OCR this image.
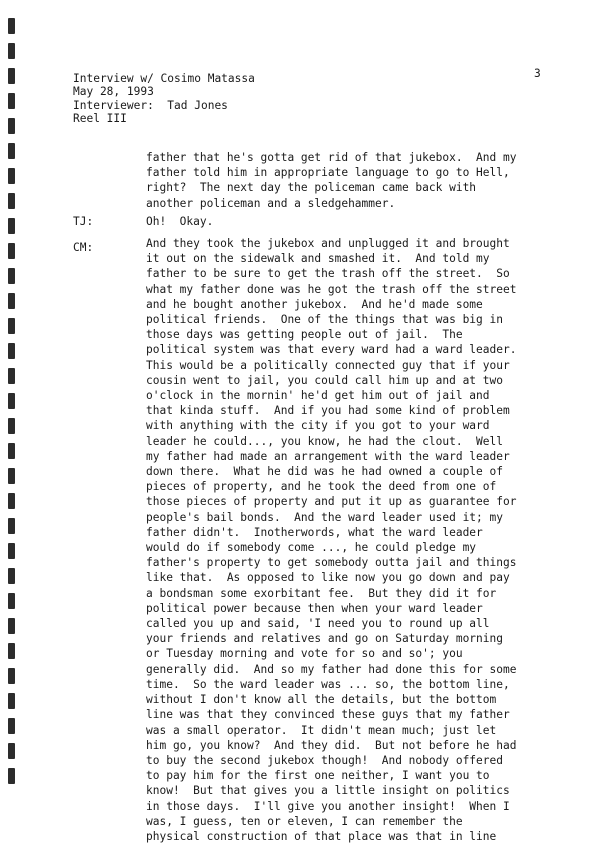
Interview w/ Cosimo Matassa
May 28, 1993
Interviewer:  Tad Jones
Reel III
3
father that he's gotta get rid of that jukebox.  And my
father told him in appropriate language to go to Hell,
right?  The next day the policeman came back with
another policeman and a sledgehammer.
TJ:	Oh!  Okay.
CM:	And they took the jukebox and unplugged it and brought
it out on the sidewalk and smashed it.  And told my
father to be sure to get the trash off the street.  So
what my father done was he got the trash off the street
and he bought another jukebox.  And he'd made some
political friends.  One of the things that was big in
those days was getting people out of jail.  The
political system was that every ward had a ward leader.
This would be a politically connected guy that if your
cousin went to jail, you could call him up and at two
o'clock in the mornin' he'd get him out of jail and
that kinda stuff.  And if you had some kind of problem
with anything with the city if you got to your ward
leader he could..., you know, he had the clout.  Well
my father had made an arrangement with the ward leader
down there.  What he did was he had owned a couple of
pieces of property, and he took the deed from one of
those pieces of property and put it up as guarantee for
people's bail bonds.  And the ward leader used it; my
father didn't.  Inotherwords, what the ward leader
would do if somebody come ..., he could pledge my
father's property to get somebody outta jail and things
like that.  As opposed to like now you go down and pay
a bondsman some exorbitant fee.  But they did it for
political power because then when your ward leader
called you up and said, 'I need you to round up all
your friends and relatives and go on Saturday morning
or Tuesday morning and vote for so and so'; you
generally did.  And so my father had done this for some
time.  So the ward leader was ... so, the bottom line,
without I don't know all the details, but the bottom
line was that they convinced these guys that my father
was a small operator.  It didn't mean much; just let
him go, you know?  And they did.  But not before he had
to buy the second jukebox though!  And nobody offered
to pay him for the first one neither, I want you to
know!  But that gives you a little insight on politics
in those days.  I'll give you another insight!  When I
was, I guess, ten or eleven, I can remember the
physical construction of that place was that in line
